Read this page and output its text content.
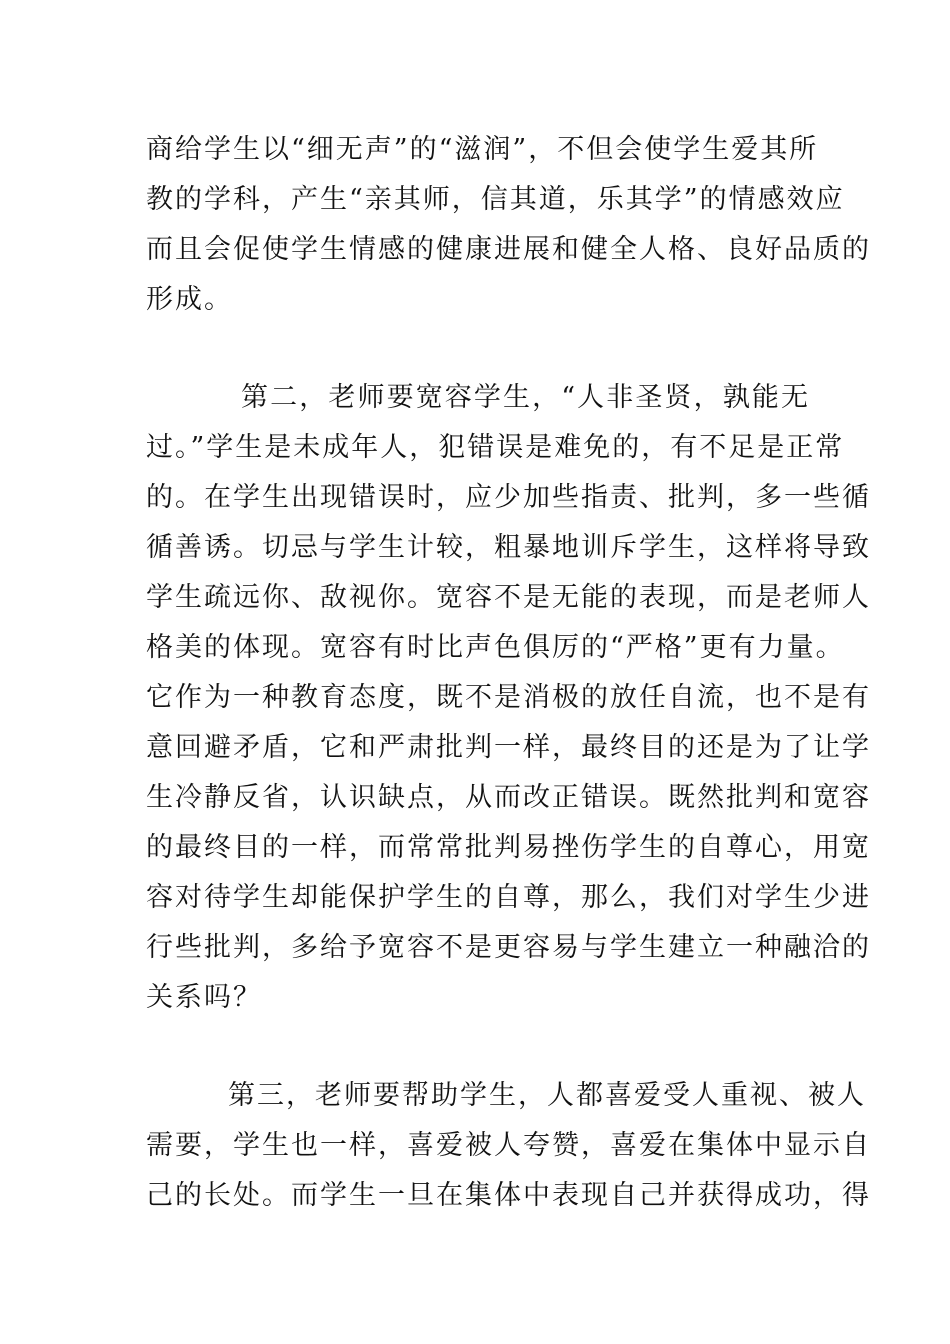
商给学生以“细无声”的“滋润”，不但会使学生爱其所
教的学科，产生“亲其师，信其道，乐其学”的情感效应
而且会促使学生情感的健康进展和健全人格、良好品质的
形成。
第二，老师要宽容学生，“人非圣贤，孰能无
过。”学生是未成年人，犯错误是难免的，有不足是正常
的。在学生出现错误时，应少加些指责、批判，多一些循
循善诱。切忌与学生计较，粗暴地训斥学生，这样将导致
学生疏远你、敌视你。宽容不是无能的表现，而是老师人
格美的体现。宽容有时比声色俱厉的“严格”更有力量。
它作为一种教育态度，既不是消极的放任自流，也不是有
意回避矛盾，它和严肃批判一样，最终目的还是为了让学
生冷静反省，认识缺点，从而改正错误。既然批判和宽容
的最终目的一样，而常常批判易挫伤学生的自尊心，用宽
容对待学生却能保护学生的自尊，那么，我们对学生少进
行些批判，多给予宽容不是更容易与学生建立一种融洽的
关系吗？
第三，老师要帮助学生，人都喜爱受人重视、被人
需要，学生也一样，喜爱被人夸赞，喜爱在集体中显示自
己的长处。而学生一旦在集体中表现自己并获得成功，得
